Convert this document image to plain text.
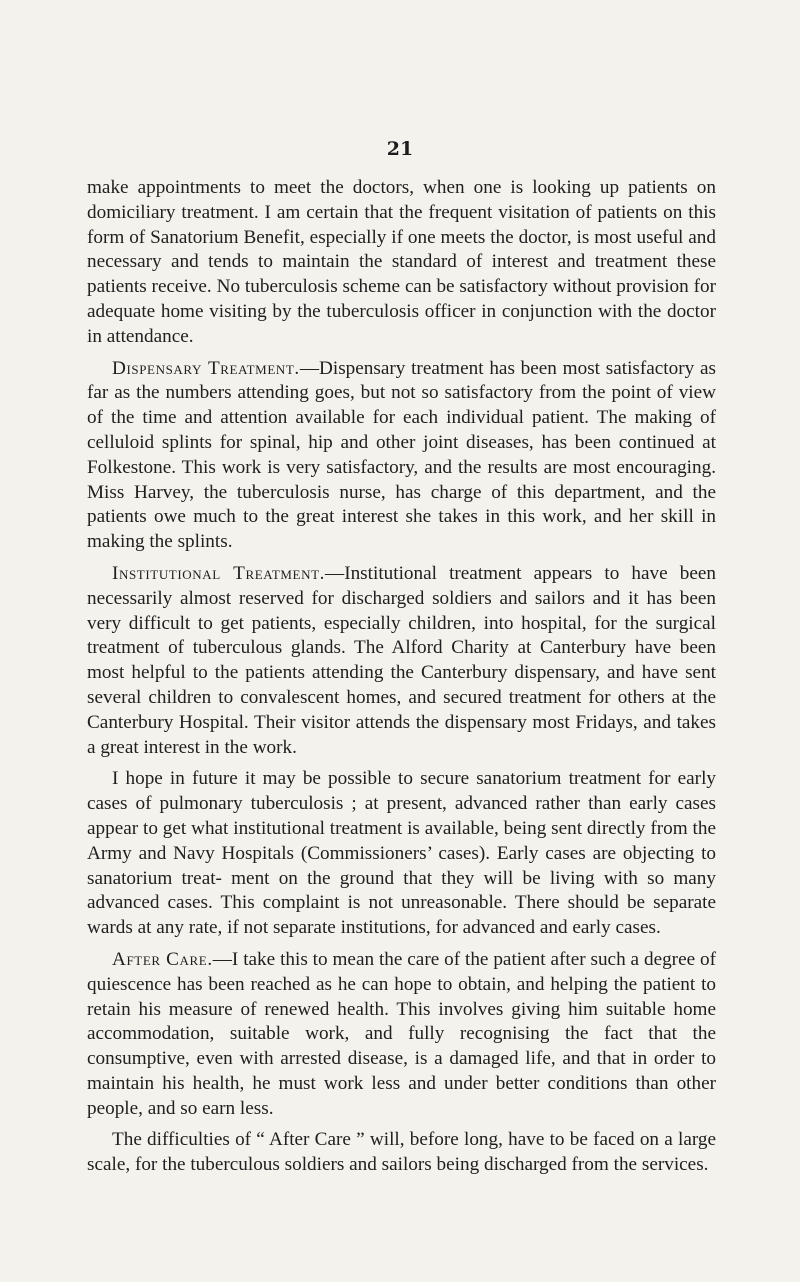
21

make appointments to meet the doctors, when one is looking up patients on domiciliary treatment. I am certain that the frequent visitation of patients on this form of Sanatorium Benefit, especially if one meets the doctor, is most useful and necessary and tends to maintain the standard of interest and treatment these patients receive. No tuberculosis scheme can be satisfactory without provision for adequate home visiting by the tuberculosis officer in conjunction with the doctor in attendance.

Dispensary Treatment.—Dispensary treatment has been most satisfactory as far as the numbers attending goes, but not so satisfactory from the point of view of the time and attention available for each individual patient. The making of celluloid splints for spinal, hip and other joint diseases, has been continued at Folkestone. This work is very satisfactory, and the results are most encouraging. Miss Harvey, the tuberculosis nurse, has charge of this department, and the patients owe much to the great interest she takes in this work, and her skill in making the splints.

Institutional Treatment.—Institutional treatment appears to have been necessarily almost reserved for discharged soldiers and sailors and it has been very difficult to get patients, especially children, into hospital, for the surgical treatment of tuberculous glands. The Alford Charity at Canterbury have been most helpful to the patients attending the Canterbury dispensary, and have sent several children to convalescent homes, and secured treatment for others at the Canterbury Hospital. Their visitor attends the dispensary most Fridays, and takes a great interest in the work.

I hope in future it may be possible to secure sanatorium treatment for early cases of pulmonary tuberculosis ; at present, advanced rather than early cases appear to get what institutional treatment is available, being sent directly from the Army and Navy Hospitals (Commissioners’ cases). Early cases are objecting to sanatorium treat- ment on the ground that they will be living with so many advanced cases. This complaint is not unreasonable. There should be separate wards at any rate, if not separate institutions, for advanced and early cases.

After Care.—I take this to mean the care of the patient after such a degree of quiescence has been reached as he can hope to obtain, and helping the patient to retain his measure of renewed health. This involves giving him suitable home accommodation, suitable work, and fully recognising the fact that the consumptive, even with arrested disease, is a damaged life, and that in order to maintain his health, he must work less and under better conditions than other people, and so earn less.

The difficulties of “ After Care ” will, before long, have to be faced on a large scale, for the tuberculous soldiers and sailors being discharged from the services.
